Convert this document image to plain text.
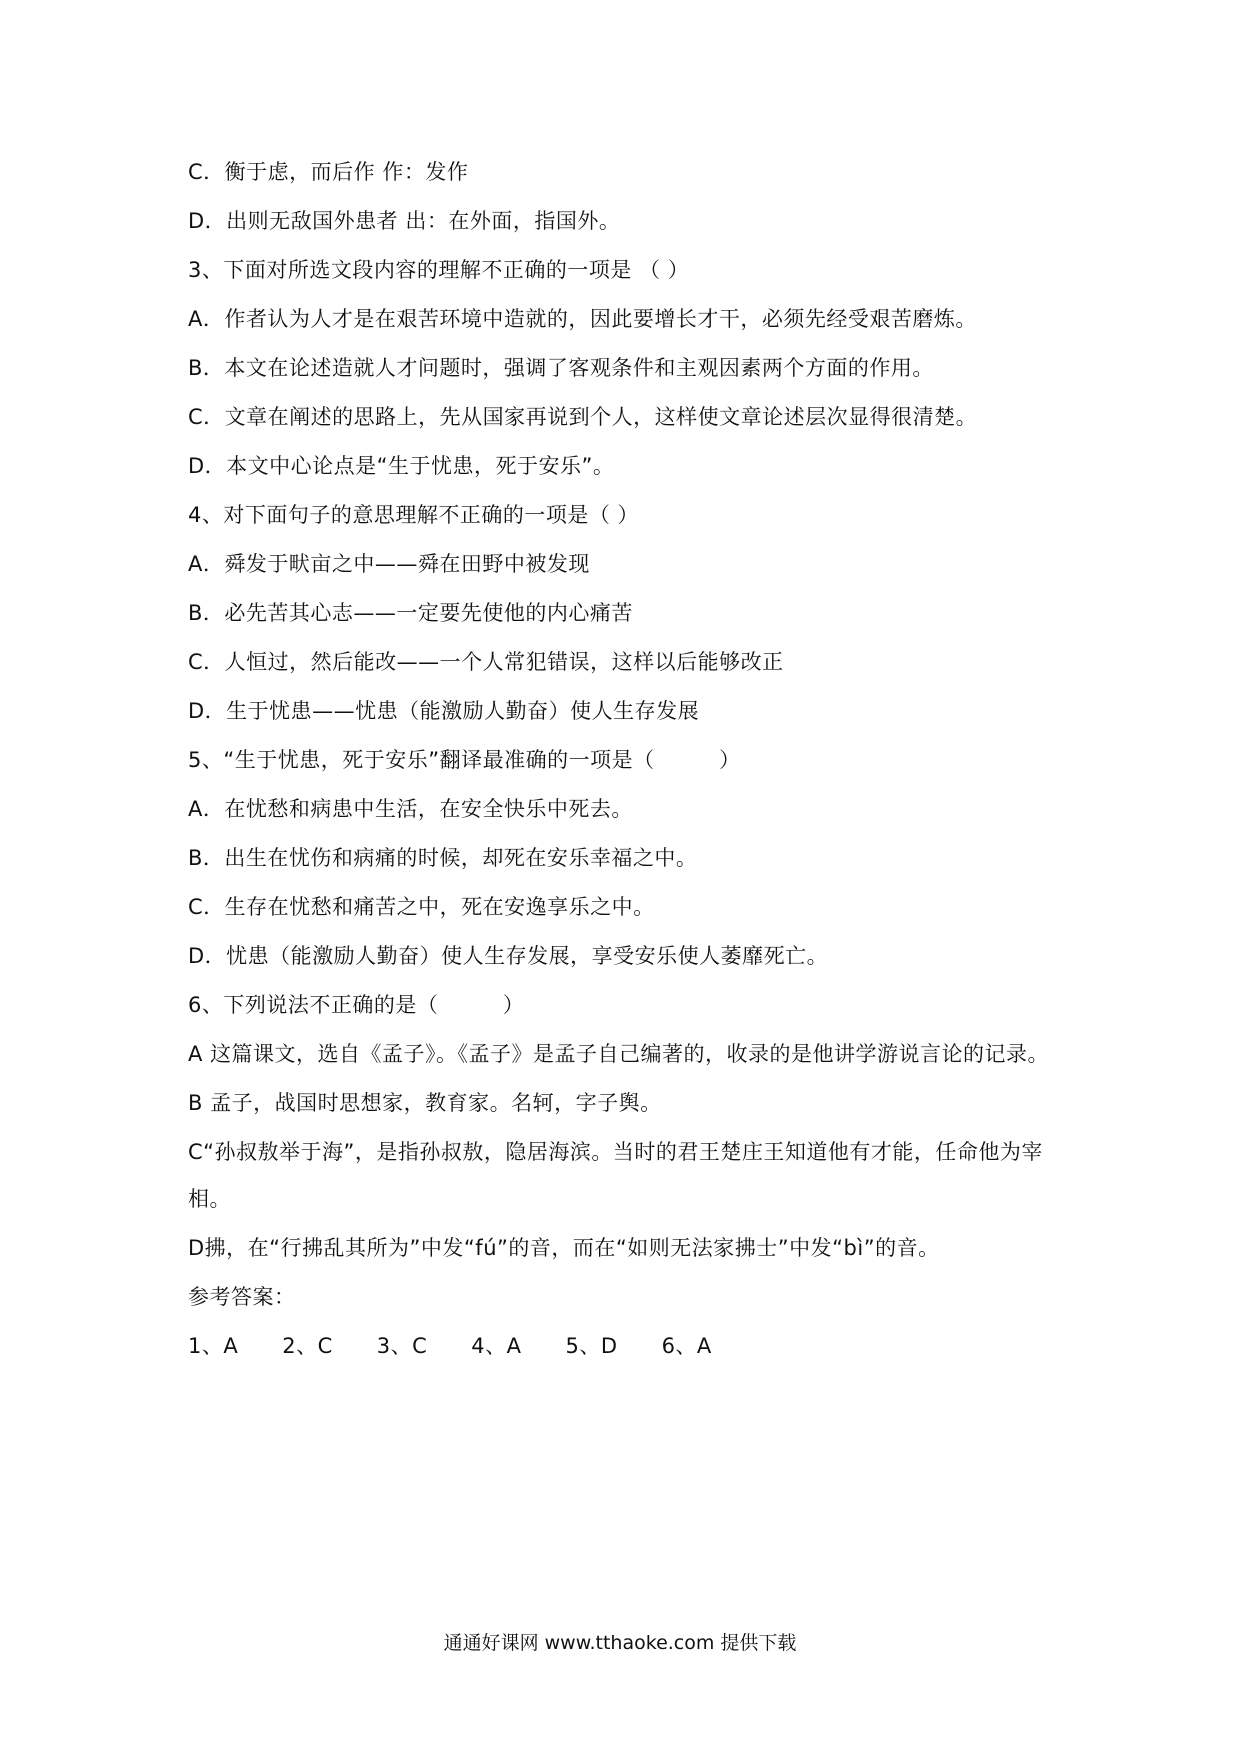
C．衡于虑，而后作 作：发作
D．出则无敌国外患者 出：在外面，指国外。
3、下面对所选文段内容的理解不正确的一项是 （ ）
A．作者认为人才是在艰苦环境中造就的，因此要增长才干，必须先经受艰苦磨炼。
B．本文在论述造就人才问题时，强调了客观条件和主观因素两个方面的作用。
C．文章在阐述的思路上，先从国家再说到个人，这样使文章论述层次显得很清楚。
D．本文中心论点是“生于忧患，死于安乐”。
4、对下面句子的意思理解不正确的一项是（ ）
A．舜发于畎亩之中——舜在田野中被发现
B．必先苦其心志——一定要先使他的内心痛苦
C．人恒过，然后能改——一个人常犯错误，这样以后能够改正
D．生于忧患——忧患（能激励人勤奋）使人生存发展
5、“生于忧患，死于安乐”翻译最准确的一项是（　　　）
A．在忧愁和病患中生活，在安全快乐中死去。
B．出生在忧伤和病痛的时候，却死在安乐幸福之中。
C．生存在忧愁和痛苦之中，死在安逸享乐之中。
D．忧患（能激励人勤奋）使人生存发展，享受安乐使人萎靡死亡。
6、下列说法不正确的是（　　　）
A 这篇课文，选自《孟子》。《孟子》是孟子自己编著的，收录的是他讲学游说言论的记录。
B 孟子，战国时思想家，教育家。名轲，字子舆。
C“孙叔敖举于海”，是指孙叔敖，隐居海滨。当时的君王楚庄王知道他有才能，任命他为宰
相。
D拂，在“行拂乱其所为”中发“fú”的音，而在“如则无法家拂士”中发“bì”的音。
参考答案：
1、A 2、C 3、C 4、A 5、D 6、A
通通好课网 www.tthaoke.com 提供下载
